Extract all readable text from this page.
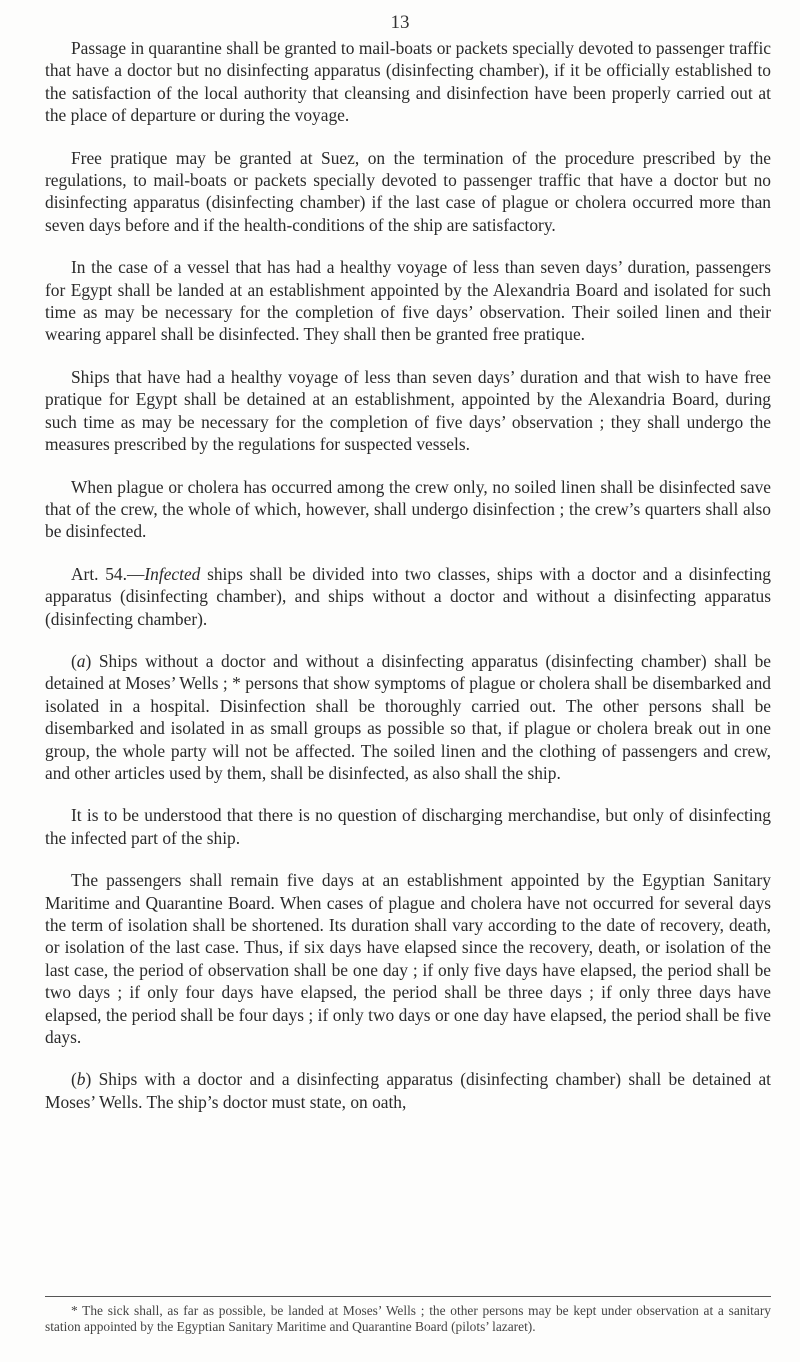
13

Passage in quarantine shall be granted to mail-boats or packets specially devoted to passenger traffic that have a doctor but no disinfecting apparatus (disinfecting chamber), if it be officially established to the satisfaction of the local authority that cleansing and disinfection have been properly carried out at the place of departure or during the voyage.

Free pratique may be granted at Suez, on the termination of the procedure prescribed by the regulations, to mail-boats or packets specially devoted to passenger traffic that have a doctor but no disinfecting apparatus (disinfecting chamber) if the last case of plague or cholera occurred more than seven days before and if the health-conditions of the ship are satisfactory.

In the case of a vessel that has had a healthy voyage of less than seven days’ duration, passengers for Egypt shall be landed at an establishment appointed by the Alexandria Board and isolated for such time as may be necessary for the completion of five days’ observation. Their soiled linen and their wearing apparel shall be disinfected. They shall then be granted free pratique.

Ships that have had a healthy voyage of less than seven days’ duration and that wish to have free pratique for Egypt shall be detained at an establishment, appointed by the Alexandria Board, during such time as may be necessary for the completion of five days’ observation ; they shall undergo the measures prescribed by the regulations for suspected vessels.

When plague or cholera has occurred among the crew only, no soiled linen shall be disinfected save that of the crew, the whole of which, however, shall undergo disinfection ; the crew’s quarters shall also be disinfected.

Art. 54.—Infected ships shall be divided into two classes, ships with a doctor and a disinfecting apparatus (disinfecting chamber), and ships without a doctor and without a disinfecting apparatus (disinfecting chamber).

(a) Ships without a doctor and without a disinfecting apparatus (disinfecting chamber) shall be detained at Moses’ Wells ; * persons that show symptoms of plague or cholera shall be disembarked and isolated in a hospital. Disinfection shall be thoroughly carried out. The other persons shall be disembarked and isolated in as small groups as possible so that, if plague or cholera break out in one group, the whole party will not be affected. The soiled linen and the clothing of passengers and crew, and other articles used by them, shall be disinfected, as also shall the ship.

It is to be understood that there is no question of discharging merchandise, but only of disinfecting the infected part of the ship.

The passengers shall remain five days at an establishment appointed by the Egyptian Sanitary Maritime and Quarantine Board. When cases of plague and cholera have not occurred for several days the term of isolation shall be shortened. Its duration shall vary according to the date of recovery, death, or isolation of the last case. Thus, if six days have elapsed since the recovery, death, or isolation of the last case, the period of observation shall be one day ; if only five days have elapsed, the period shall be two days ; if only four days have elapsed, the period shall be three days ; if only three days have elapsed, the period shall be four days ; if only two days or one day have elapsed, the period shall be five days.

(b) Ships with a doctor and a disinfecting apparatus (disinfecting chamber) shall be detained at Moses’ Wells. The ship’s doctor must state, on oath,

* The sick shall, as far as possible, be landed at Moses’ Wells ; the other persons may be kept under observation at a sanitary station appointed by the Egyptian Sanitary Maritime and Quarantine Board (pilots’ lazaret).
